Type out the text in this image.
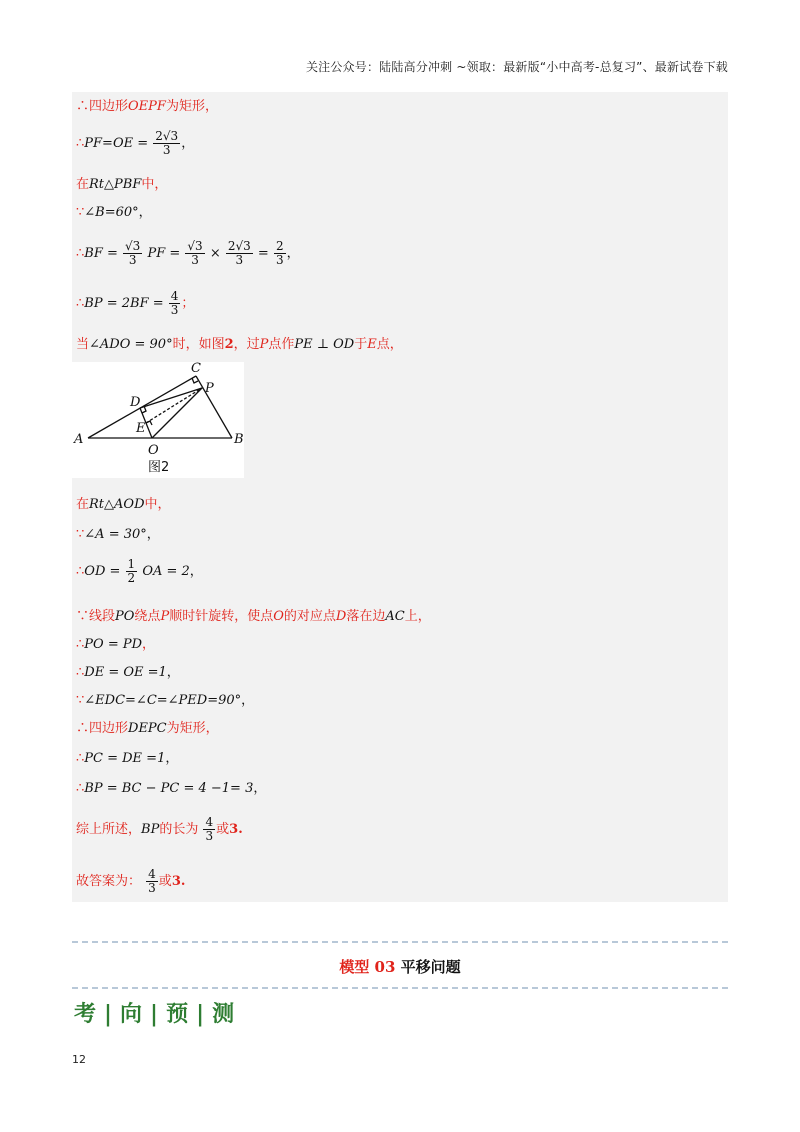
关注公众号：陆陆高分冲刺 ~领取：最新版“小中高考-总复习”、最新试卷下载
∴四边形OEPF为矩形，
∴PF=OE = $\frac{2√3}{3}$ ，
在Rt△PBF中，
∵∠B=60°，
∴BF = $\frac{√3}{3}$ PF = $\frac{√3}{3} \times \frac{2√3}{3} = \frac{2}{3}$ ，
∴BP = $2BF = \frac{4}{3}$ ；
当∠ADO = 90°时，如图2，过P点作PE ⊥ OD于E点，
A	B
C
D
E
O
P
图2
在Rt△AOD中，
∵∠A = 30°，
∴OD = $\frac{1}{2}$ OA = 2，
∵线段PO绕点P顺时针旋转，使点O的对应点D落在边AC上，
∴PO = PD，
∴DE = OE =1，
∵∠EDC=∠C=∠PED=90°，
∴四边形DEPC为矩形，
∴PC = DE =1，
∴BP = BC − PC = 4 −1= 3，
综上所述，BP的长为 $\frac{4}{3}$ 或3.
故答案为： $\frac{4}{3}$ 或3.
模型 03 平移问题
考 | 向 | 预 | 测
12
